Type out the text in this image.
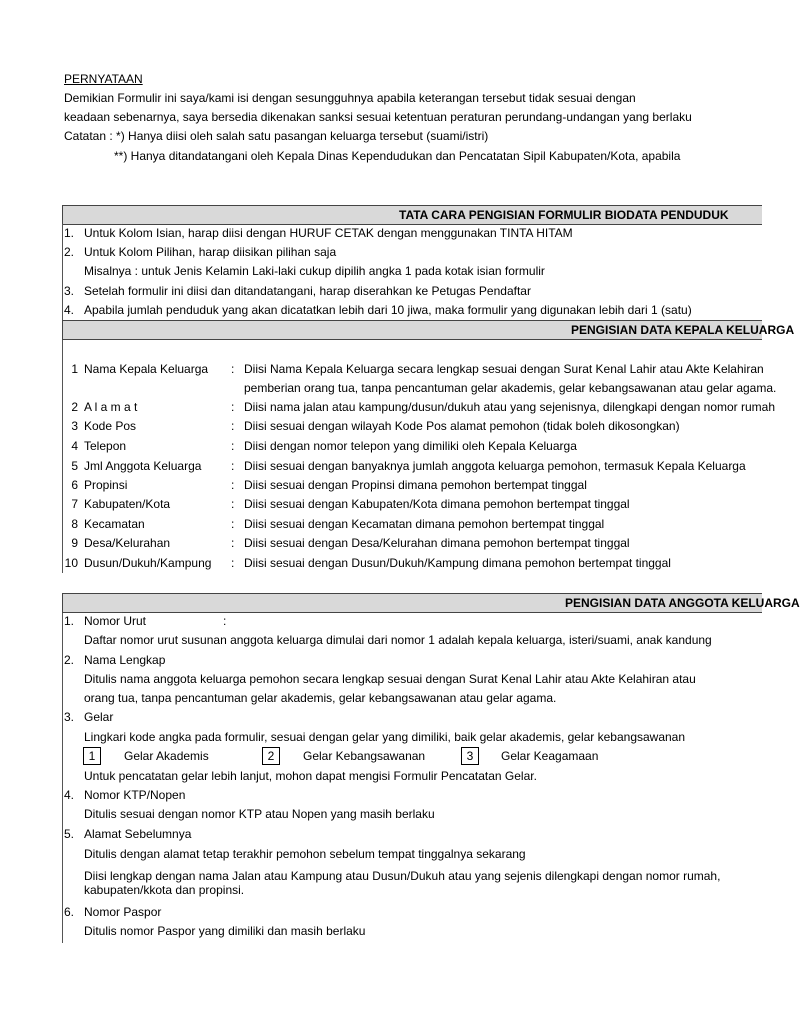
PERNYATAAN
Demikian Formulir ini saya/kami isi dengan sesungguhnya apabila keterangan tersebut tidak sesuai dengan
keadaan sebenarnya, saya bersedia dikenakan sanksi sesuai ketentuan peraturan perundang-undangan yang berlaku
Catatan : *) Hanya diisi oleh salah satu pasangan keluarga tersebut (suami/istri)
**) Hanya ditandatangani oleh Kepala Dinas Kependudukan dan Pencatatan Sipil Kabupaten/Kota, apabila
TATA CARA PENGISIAN FORMULIR BIODATA PENDUDUK
1. Untuk Kolom Isian, harap diisi dengan HURUF CETAK dengan menggunakan TINTA HITAM
2. Untuk Kolom Pilihan, harap diisikan pilihan saja
Misalnya : untuk Jenis Kelamin Laki-laki cukup dipilih angka 1 pada kotak isian formulir
3. Setelah formulir ini diisi dan ditandatangani, harap diserahkan ke Petugas Pendaftar
4. Apabila jumlah penduduk yang akan dicatatkan lebih dari 10 jiwa, maka formulir yang digunakan lebih dari 1 (satu)
PENGISIAN DATA KEPALA KELUARGA
1 Nama Kepala Keluarga : Diisi Nama Kepala Keluarga secara lengkap sesuai dengan Surat Kenal Lahir atau Akte Kelahiran
pemberian orang tua, tanpa pencantuman gelar akademis, gelar kebangsawanan atau gelar agama.
2 A l a m a t	: Diisi nama jalan atau kampung/dusun/dukuh atau yang sejenisnya, dilengkapi dengan nomor rumah
3 Kode Pos	: Diisi sesuai dengan wilayah Kode Pos alamat pemohon (tidak boleh dikosongkan)
4 Telepon	: Diisi dengan nomor telepon yang dimiliki oleh Kepala Keluarga
5 Jml Anggota Keluarga : Diisi sesuai dengan banyaknya jumlah anggota keluarga pemohon, termasuk Kepala Keluarga
6 Propinsi	: Diisi sesuai dengan Propinsi dimana pemohon bertempat tinggal
7 Kabupaten/Kota	: Diisi sesuai dengan Kabupaten/Kota dimana pemohon bertempat tinggal
8 Kecamatan	: Diisi sesuai dengan Kecamatan dimana pemohon bertempat tinggal
9 Desa/Kelurahan	: Diisi sesuai dengan Desa/Kelurahan dimana pemohon bertempat tinggal
10 Dusun/Dukuh/Kampung : Diisi sesuai dengan Dusun/Dukuh/Kampung dimana pemohon bertempat tinggal
PENGISIAN DATA ANGGOTA KELUARGA
1. Nomor Urut	:
Daftar nomor urut susunan anggota keluarga dimulai dari nomor 1 adalah kepala keluarga, isteri/suami, anak kandung
2. Nama Lengkap
Ditulis nama anggota keluarga pemohon secara lengkap sesuai dengan Surat Kenal Lahir atau Akte Kelahiran atau
orang tua, tanpa pencantuman gelar akademis, gelar kebangsawanan atau gelar agama.
3. Gelar
Lingkari kode angka pada formulir, sesuai dengan gelar yang dimiliki, baik gelar akademis, gelar kebangsawanan
1	Gelar Akademis	2	Gelar Kebangsawanan	3	Gelar Keagamaan
Untuk pencatatan gelar lebih lanjut, mohon dapat mengisi Formulir Pencatatan Gelar.
4. Nomor KTP/Nopen
Ditulis sesuai dengan nomor KTP atau Nopen yang masih berlaku
5. Alamat Sebelumnya
Ditulis dengan alamat tetap terakhir pemohon sebelum tempat tinggalnya sekarang
Diisi lengkap dengan nama Jalan atau Kampung atau Dusun/Dukuh atau yang sejenis dilengkapi dengan nomor rumah,
kabupaten/kkota dan propinsi.
6. Nomor Paspor
Ditulis nomor Paspor yang dimiliki dan masih berlaku
